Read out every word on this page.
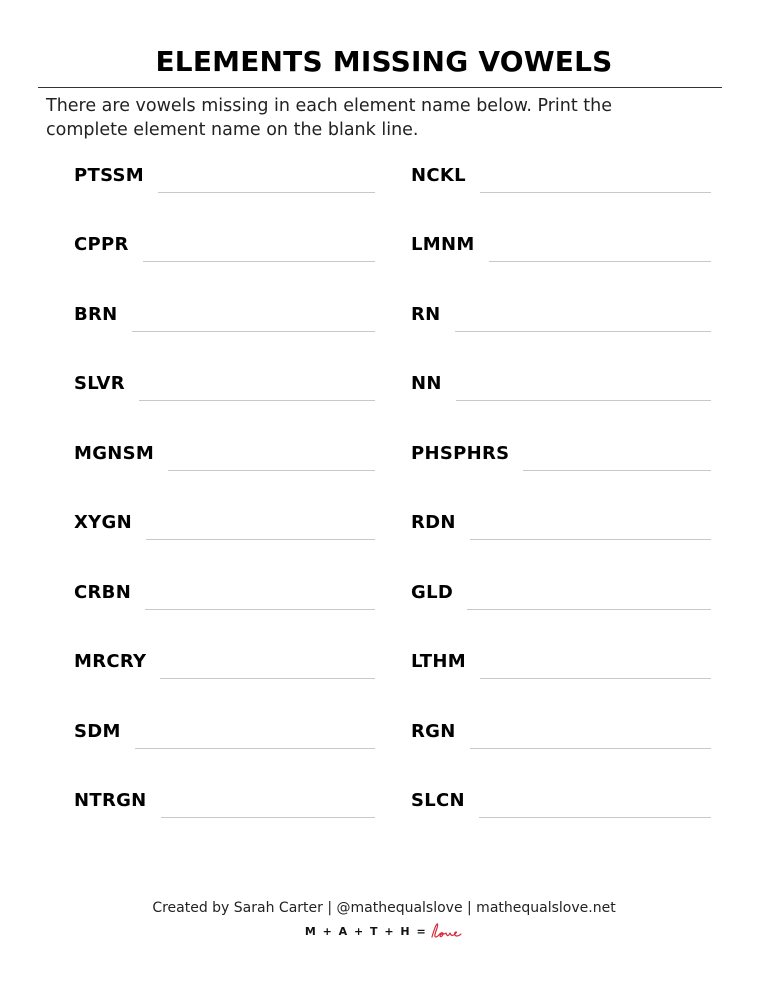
ELEMENTS MISSING VOWELS
There are vowels missing in each element name below. Print the
complete element name on the blank line.
PTSSM
CPPR
BRN
SLVR
MGNSM
XYGN
CRBN
MRCRY
SDM
NTRGN
NCKL
LMNM
RN
NN
PHSPHRS
RDN
GLD
LTHM
RGN
SLCN
Created by Sarah Carter | @mathequalslove | mathequalslove.net
M + A + T + H =
